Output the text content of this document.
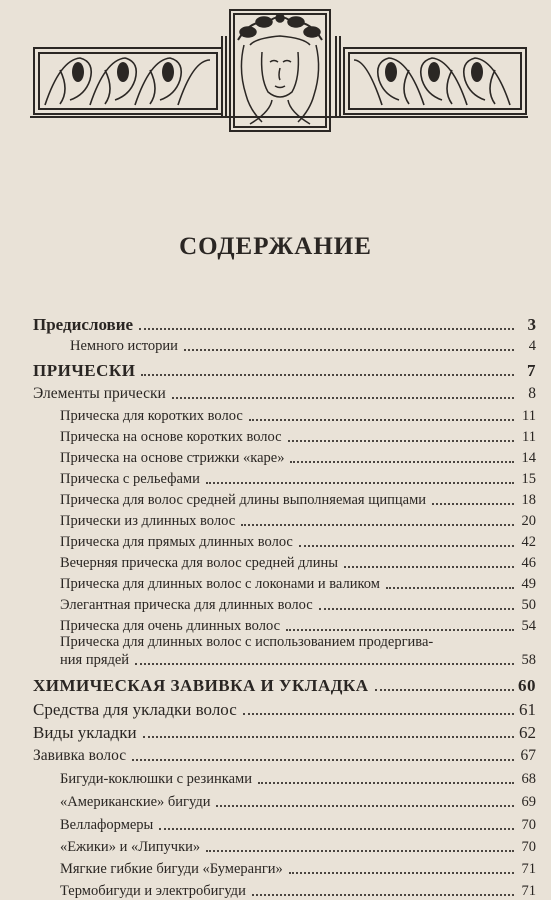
СОДЕРЖАНИЕ
Предисловие	3
Немного истории	4
ПРИЧЕСКИ	7
Элементы прически	8
Прическа для коротких волос	11
Прическа на основе коротких волос	11
Прическа на основе стрижки «каре»	14
Прическа с рельефами	15
Прическа для волос средней длины выполняемая щипцами	18
Прически из длинных волос	20
Прическа для прямых длинных волос	42
Вечерняя прическа для волос средней длины	46
Прическа для длинных волос с локонами и валиком	49
Элегантная прическа для длинных волос	50
Прическа для очень длинных волос	54
Прическа для длинных волос с использованием продергива-
ния прядей	58
ХИМИЧЕСКАЯ ЗАВИВКА И УКЛАДКА	60
Средства для укладки волос	61
Виды укладки	62
Завивка волос	67
Бигуди-коклюшки с резинками	68
«Американские» бигуди	69
Веллаформеры	70
«Ежики» и «Липучки»	70
Мягкие гибкие бигуди «Бумеранги»	71
Термобигуди и электробигуди	71
